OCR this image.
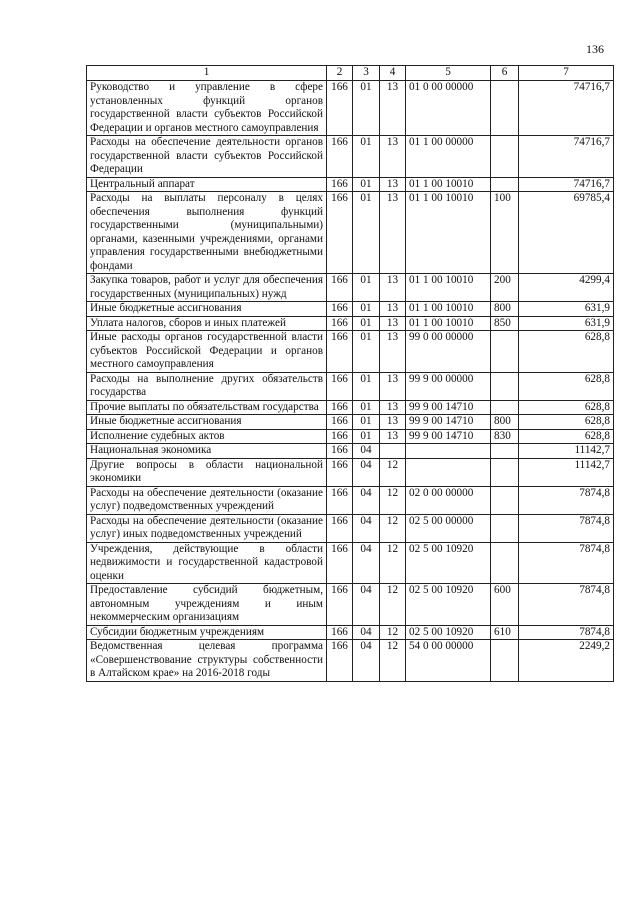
136
1	2	3	4	5	6	7
Руководство и управление в сфере установленных функций органов государственной власти субъектов Российской Федерации и органов местного самоуправления	166	01	13	01 0 00 00000		74716,7
Расходы на обеспечение деятельности органов государственной власти субъектов Российской Федерации	166	01	13	01 1 00 00000		74716,7
Центральный аппарат	166	01	13	01 1 00 10010		74716,7
Расходы на выплаты персоналу в целях обеспечения выполнения функций государственными (муниципальными) органами, казенными учреждениями, органами управления государственными внебюджетными фондами	166	01	13	01 1 00 10010	100	69785,4
Закупка товаров, работ и услуг для обеспечения государственных (муниципальных) нужд	166	01	13	01 1 00 10010	200	4299,4
Иные бюджетные ассигнования	166	01	13	01 1 00 10010	800	631,9
Уплата налогов, сборов и иных платежей	166	01	13	01 1 00 10010	850	631,9
Иные расходы органов государственной власти субъектов Российской Федерации и органов местного самоуправления	166	01	13	99 0 00 00000		628,8
Расходы на выполнение других обязательств государства	166	01	13	99 9 00 00000		628,8
Прочие выплаты по обязательствам государства	166	01	13	99 9 00 14710		628,8
Иные бюджетные ассигнования	166	01	13	99 9 00 14710	800	628,8
Исполнение судебных актов	166	01	13	99 9 00 14710	830	628,8
Национальная экономика	166	04				11142,7
Другие вопросы в области национальной экономики	166	04	12			11142,7
Расходы на обеспечение деятельности (оказание услуг) подведомственных учреждений	166	04	12	02 0 00 00000		7874,8
Расходы на обеспечение деятельности (оказание услуг) иных подведомственных учреждений	166	04	12	02 5 00 00000		7874,8
Учреждения, действующие в области недвижимости и государственной кадастровой оценки	166	04	12	02 5 00 10920		7874,8
Предоставление субсидий бюджетным, автономным учреждениям и иным некоммерческим организациям	166	04	12	02 5 00 10920	600	7874,8
Субсидии бюджетным учреждениям	166	04	12	02 5 00 10920	610	7874,8
Ведомственная целевая программа «Совершенствование структуры собственности в Алтайском крае» на 2016-2018 годы	166	04	12	54 0 00 00000		2249,2
